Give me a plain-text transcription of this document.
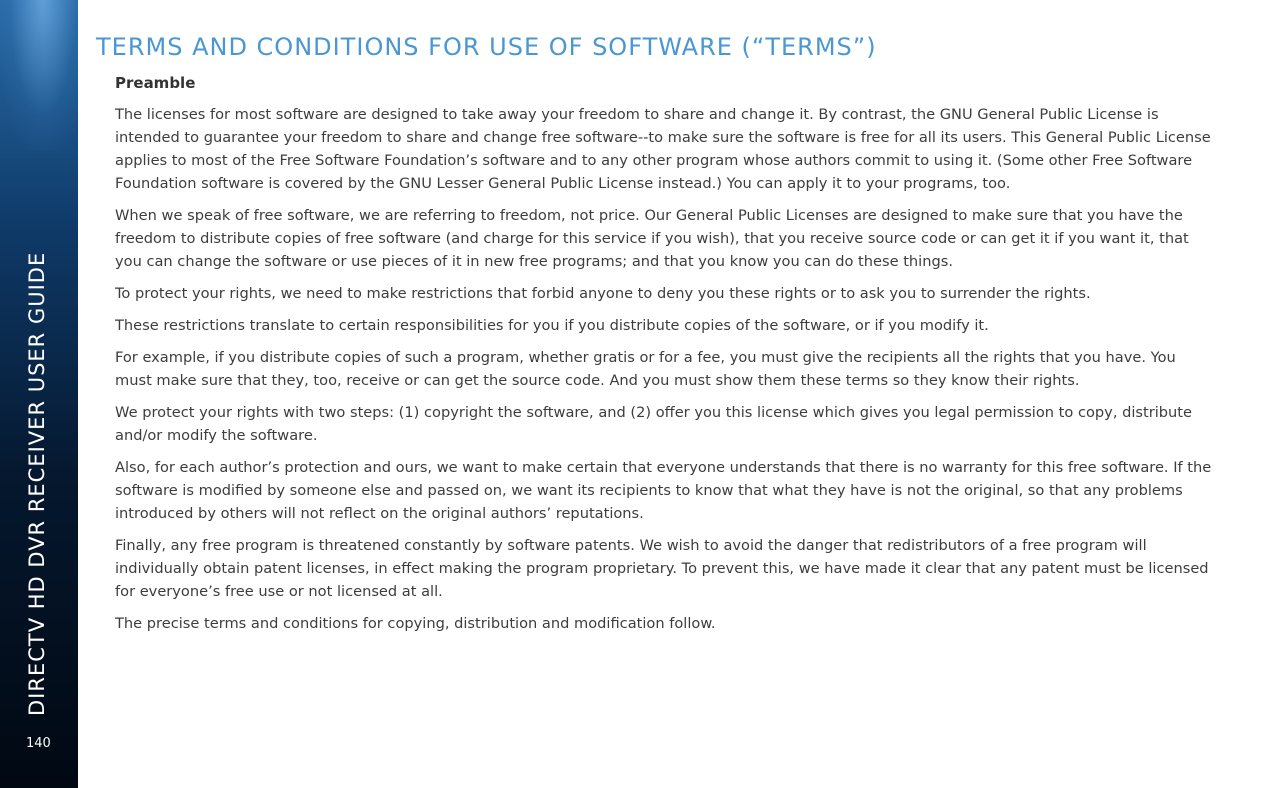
DIRECTV HD DVR RECEIVER USER GUIDE
140
TERMS AND CONDITIONS FOR USE OF SOFTWARE (“TERMS”)
Preamble

The licenses for most software are designed to take away your freedom to share and change it. By contrast, the GNU General Public License is intended to guarantee your freedom to share and change free software--to make sure the software is free for all its users. This General Public License applies to most of the Free Software Foundation’s software and to any other program whose authors commit to using it. (Some other Free Software Foundation software is covered by the GNU Lesser General Public License instead.) You can apply it to your programs, too.

When we speak of free software, we are referring to freedom, not price. Our General Public Licenses are designed to make sure that you have the freedom to distribute copies of free software (and charge for this service if you wish), that you receive source code or can get it if you want it, that you can change the software or use pieces of it in new free programs; and that you know you can do these things.

To protect your rights, we need to make restrictions that forbid anyone to deny you these rights or to ask you to surrender the rights.

These restrictions translate to certain responsibilities for you if you distribute copies of the software, or if you modify it.

For example, if you distribute copies of such a program, whether gratis or for a fee, you must give the recipients all the rights that you have. You must make sure that they, too, receive or can get the source code. And you must show them these terms so they know their rights.

We protect your rights with two steps: (1) copyright the software, and (2) offer you this license which gives you legal permission to copy, distribute and/or modify the software.

Also, for each author’s protection and ours, we want to make certain that everyone understands that there is no warranty for this free software. If the software is modified by someone else and passed on, we want its recipients to know that what they have is not the original, so that any problems introduced by others will not reflect on the original authors’ reputations.

Finally, any free program is threatened constantly by software patents. We wish to avoid the danger that redistributors of a free program will individually obtain patent licenses, in effect making the program proprietary. To prevent this, we have made it clear that any patent must be licensed for everyone’s free use or not licensed at all.

The precise terms and conditions for copying, distribution and modification follow.
